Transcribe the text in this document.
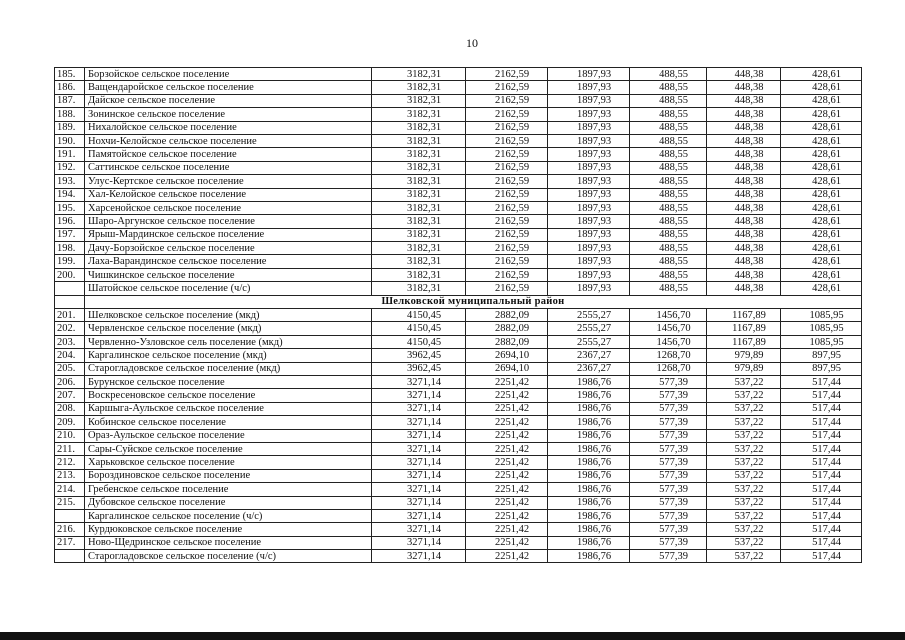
10
185.	Борзойское сельское поселение	3182,31	2162,59	1897,93	488,55	448,38	428,61
186.	Ващендаройское сельское поселение	3182,31	2162,59	1897,93	488,55	448,38	428,61
187.	Дайское сельское поселение	3182,31	2162,59	1897,93	488,55	448,38	428,61
188.	Зонинское сельское поселение	3182,31	2162,59	1897,93	488,55	448,38	428,61
189.	Нихалойское сельское поселение	3182,31	2162,59	1897,93	488,55	448,38	428,61
190.	Нохчи-Келойское сельское поселение	3182,31	2162,59	1897,93	488,55	448,38	428,61
191.	Памятойское сельское поселение	3182,31	2162,59	1897,93	488,55	448,38	428,61
192.	Саттинское сельское поселение	3182,31	2162,59	1897,93	488,55	448,38	428,61
193.	Улус-Кертское сельское поселение	3182,31	2162,59	1897,93	488,55	448,38	428,61
194.	Хал-Келойское сельское поселение	3182,31	2162,59	1897,93	488,55	448,38	428,61
195.	Харсенойское сельское поселение	3182,31	2162,59	1897,93	488,55	448,38	428,61
196.	Шаро-Аргунское сельское поселение	3182,31	2162,59	1897,93	488,55	448,38	428,61
197.	Ярыш-Мардинское сельское поселение	3182,31	2162,59	1897,93	488,55	448,38	428,61
198.	Дачу-Борзойское сельское поселение	3182,31	2162,59	1897,93	488,55	448,38	428,61
199.	Лаха-Варандинское сельское поселение	3182,31	2162,59	1897,93	488,55	448,38	428,61
200.	Чишкинское сельское поселение	3182,31	2162,59	1897,93	488,55	448,38	428,61
	Шатойское сельское поселение (ч/с)	3182,31	2162,59	1897,93	488,55	448,38	428,61
	Шелковской муниципальный район						
201.	Шелковское сельское поселение (мкд)	4150,45	2882,09	2555,27	1456,70	1167,89	1085,95
202.	Червленское сельское поселение (мкд)	4150,45	2882,09	2555,27	1456,70	1167,89	1085,95
203.	Червленно-Узловское сель поселение (мкд)	4150,45	2882,09	2555,27	1456,70	1167,89	1085,95
204.	Каргалинское сельское поселение (мкд)	3962,45	2694,10	2367,27	1268,70	979,89	897,95
205.	Старогладовское сельское поселение (мкд)	3962,45	2694,10	2367,27	1268,70	979,89	897,95
206.	Бурунское сельское поселение	3271,14	2251,42	1986,76	577,39	537,22	517,44
207.	Воскресеновское сельское поселение	3271,14	2251,42	1986,76	577,39	537,22	517,44
208.	Каршыга-Аульское сельское поселение	3271,14	2251,42	1986,76	577,39	537,22	517,44
209.	Кобинское сельское поселение	3271,14	2251,42	1986,76	577,39	537,22	517,44
210.	Ораз-Аульское сельское поселение	3271,14	2251,42	1986,76	577,39	537,22	517,44
211.	Сары-Суйское сельское поселение	3271,14	2251,42	1986,76	577,39	537,22	517,44
212.	Харьковское сельское поселение	3271,14	2251,42	1986,76	577,39	537,22	517,44
213.	Бороздиновское сельское поселение	3271,14	2251,42	1986,76	577,39	537,22	517,44
214.	Гребенское сельское поселение	3271,14	2251,42	1986,76	577,39	537,22	517,44
215.	Дубовское сельское поселение	3271,14	2251,42	1986,76	577,39	537,22	517,44
	Каргалинское сельское поселение (ч/с)	3271,14	2251,42	1986,76	577,39	537,22	517,44
216.	Курдюковское сельское поселение	3271,14	2251,42	1986,76	577,39	537,22	517,44
217.	Ново-Щедринское сельское поселение	3271,14	2251,42	1986,76	577,39	537,22	517,44
	Старогладовское сельское поселение (ч/с)	3271,14	2251,42	1986,76	577,39	537,22	517,44
